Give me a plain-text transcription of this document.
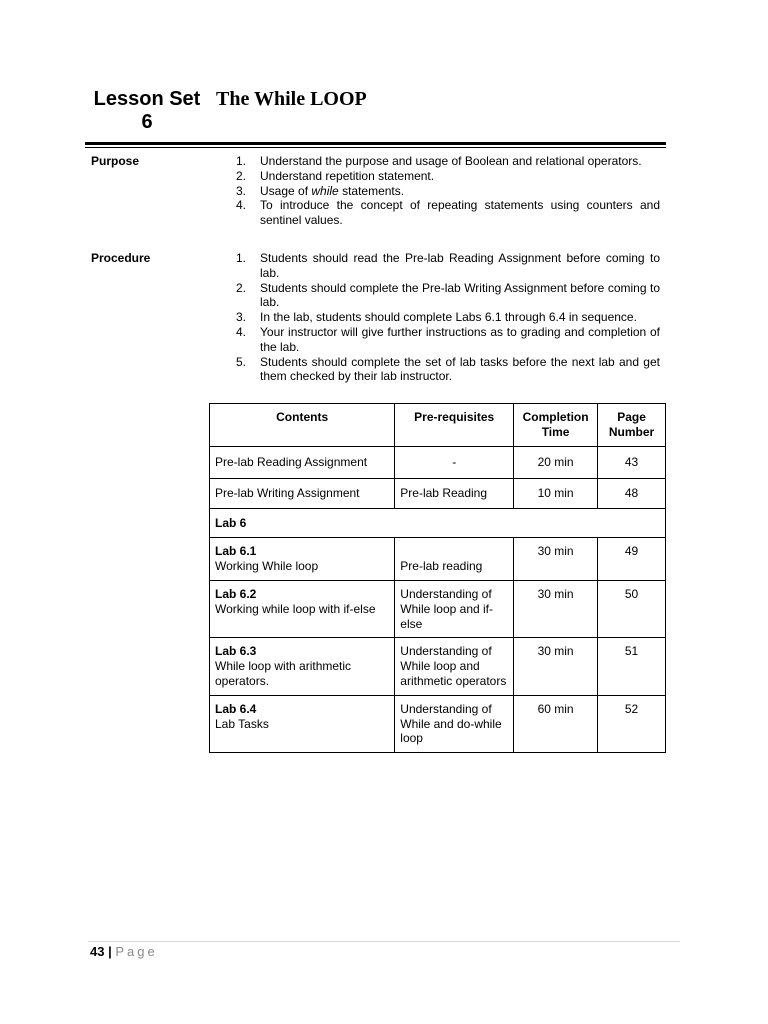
Lesson Set
6
The While LOOP
Purpose	1. Understand the purpose and usage of Boolean and relational operators.
2. Understand repetition statement.
3. Usage of while statements.
4. To introduce the concept of repeating statements using counters and sentinel values.
Procedure	1. Students should read the Pre-lab Reading Assignment before coming to lab.
2. Students should complete the Pre-lab Writing Assignment before coming to lab.
3. In the lab, students should complete Labs 6.1 through 6.4 in sequence.
4. Your instructor will give further instructions as to grading and completion of the lab.
5. Students should complete the set of lab tasks before the next lab and get them checked by their lab instructor.
Contents	Pre-requisites	Completion Time	Page Number
Pre-lab Reading Assignment	-	20 min	43
Pre-lab Writing Assignment	Pre-lab Reading	10 min	48
Lab 6			

Lab 6.1
Working While loop	Pre-lab reading	30 min	49

Lab 6.2
Working while loop with if-else	Understanding of While loop and if-else	30 min	50

Lab 6.3
While loop with arithmetic operators.	Understanding of While loop and arithmetic operators	30 min	51

Lab 6.4
Lab Tasks	Understanding of While and do-while loop	60 min	52
43 | Page
